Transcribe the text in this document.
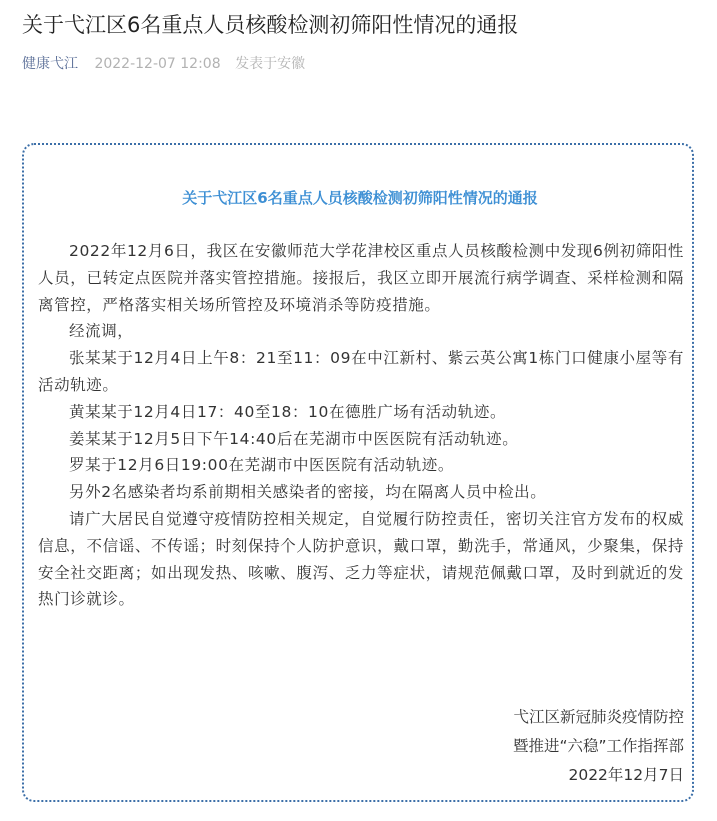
关于弋江区6名重点人员核酸检测初筛阳性情况的通报
健康弋江 2022-12-07 12:08 发表于安徽
关于弋江区6名重点人员核酸检测初筛阳性情况的通报

2022年12月6日，我区在安徽师范大学花津校区重点人员核酸检测中发现6例初筛阳性人员，已转定点医院并落实管控措施。接报后，我区立即开展流行病学调查、采样检测和隔离管控，严格落实相关场所管控及环境消杀等防疫措施。

经流调，

张某某于12月4日上午8：21至11：09在中江新村、紫云英公寓1栋门口健康小屋等有活动轨迹。

黄某某于12月4日17：40至18：10在德胜广场有活动轨迹。

姜某某于12月5日下午14:40后在芜湖市中医医院有活动轨迹。

罗某于12月6日19:00在芜湖市中医医院有活动轨迹。

另外2名感染者均系前期相关感染者的密接，均在隔离人员中检出。

请广大居民自觉遵守疫情防控相关规定，自觉履行防控责任，密切关注官方发布的权威信息，不信谣、不传谣；时刻保持个人防护意识，戴口罩，勤洗手，常通风，少聚集，保持安全社交距离；如出现发热、咳嗽、腹泻、乏力等症状，请规范佩戴口罩，及时到就近的发热门诊就诊。

弋江区新冠肺炎疫情防控
暨推进“六稳”工作指挥部
2022年12月7日
